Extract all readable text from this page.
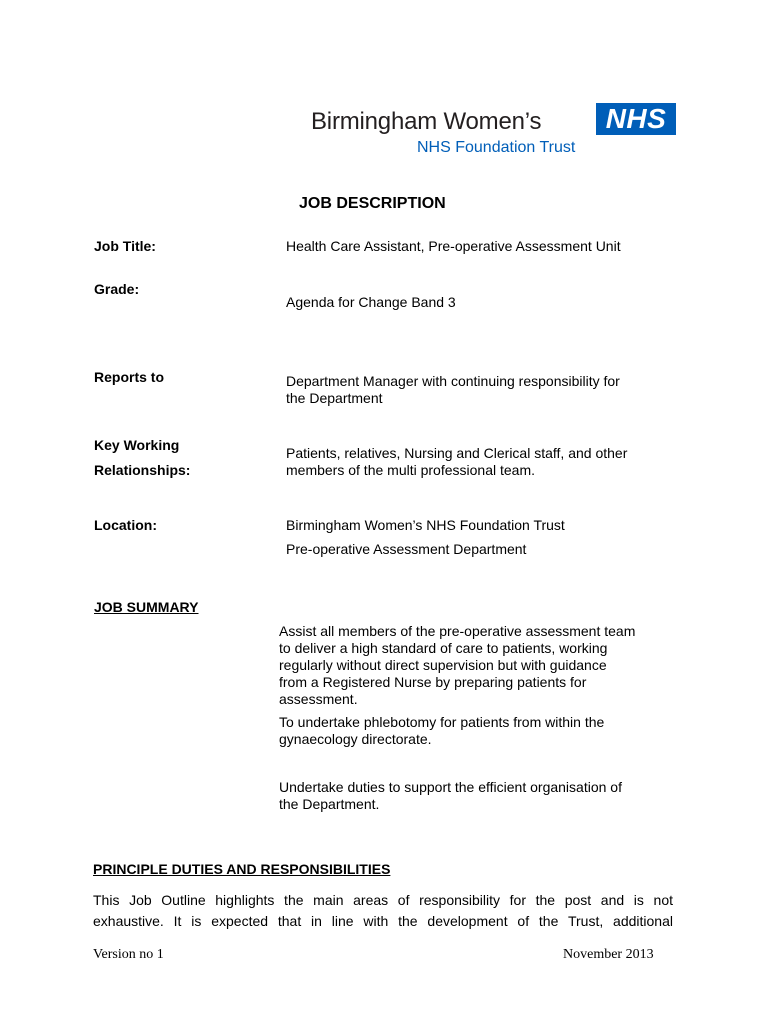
Birmingham Women’s	NHS
NHS Foundation Trust
JOB DESCRIPTION
Job Title:	Health Care Assistant, Pre-operative Assessment Unit
Grade:
Agenda for Change Band 3
Reports to	Department Manager with continuing responsibility for
the Department
Key Working
Relationships:
Patients, relatives, Nursing and Clerical staff, and other
members of the multi professional team.
Location:	Birmingham Women’s NHS Foundation Trust
Pre-operative Assessment Department
JOB SUMMARY
Assist all members of the pre-operative assessment team
to deliver a high standard of care to patients, working
regularly without direct supervision but with guidance
from a Registered Nurse by preparing patients for
assessment.
To undertake phlebotomy for patients from within the
gynaecology directorate.
Undertake duties to support the efficient organisation of
the Department.
PRINCIPLE DUTIES AND RESPONSIBILITIES
This Job Outline highlights the main areas of responsibility for the post and is not
exhaustive. It is expected that in line with the development of the Trust, additional
Version no 1	November 2013
